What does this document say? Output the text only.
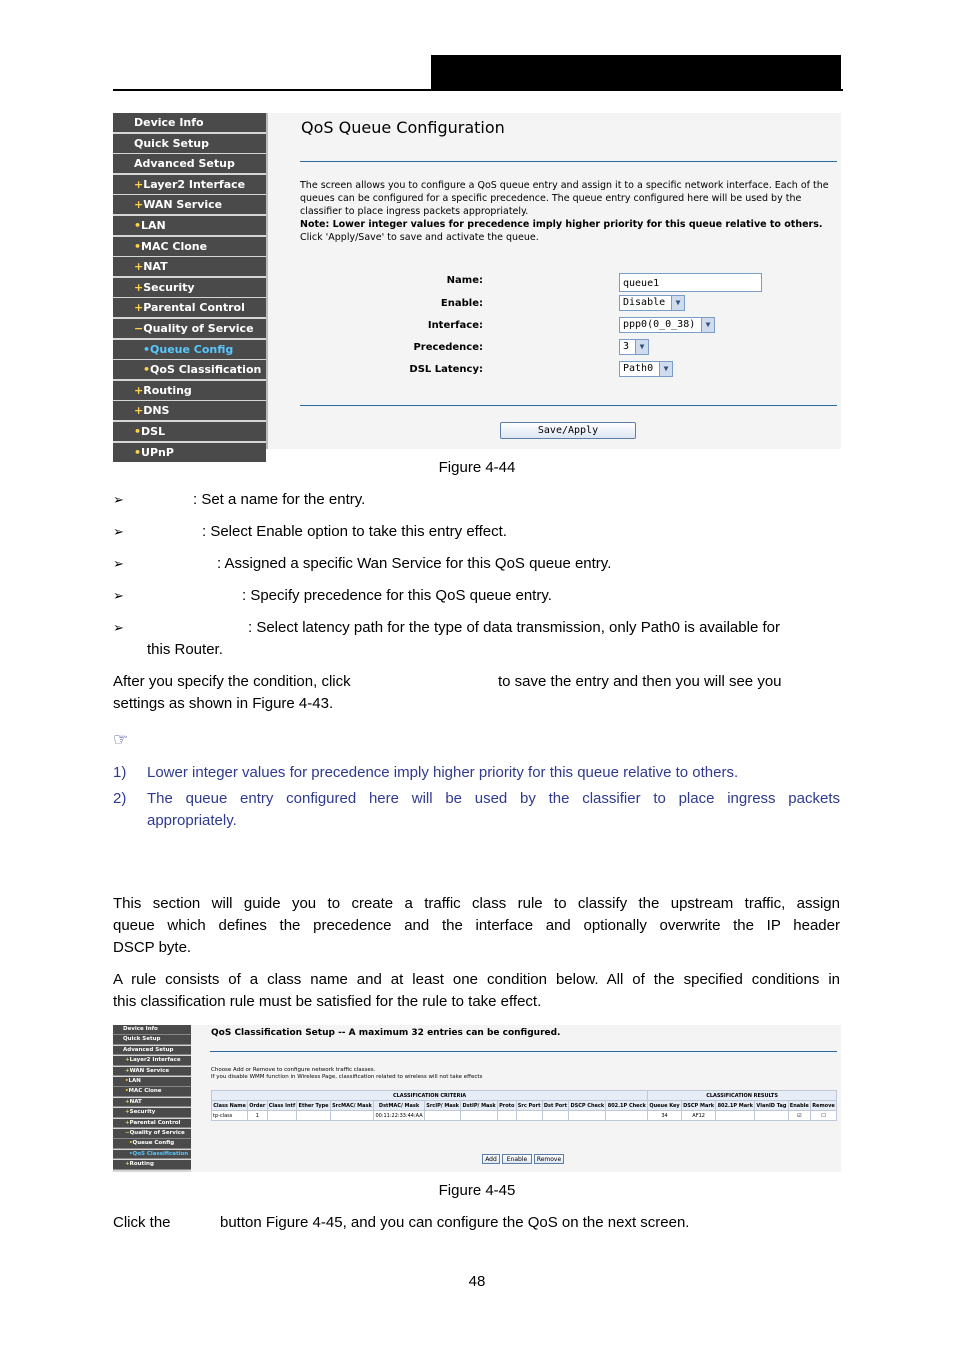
Device Info
Quick Setup
Advanced Setup
+Layer2 Interface
+WAN Service
•LAN
•MAC Clone
+NAT
+Security
+Parental Control
−Quality of Service
•Queue Config
•QoS Classification
+Routing
+DNS
•DSL
•UPnP
QoS Queue Configuration
The screen allows you to configure a QoS queue entry and assign it to a specific network interface. Each of the queues can be configured for a specific precedence. The queue entry configured here will be used by the classifier to place ingress packets appropriately.
Note: Lower integer values for precedence imply higher priority for this queue relative to others.
Click 'Apply/Save' to save and activate the queue.
Name:	queue1
Enable:	Disable	▼
Interface:	ppp0(0_0_38)	▼
Precedence:	3	▼
DSL Latency:	Path0	▼
Save/Apply
Figure 4-44
➢	: Set a name for the entry.
➢	: Select Enable option to take this entry effect.
➢	: Assigned a specific Wan Service for this QoS queue entry.
➢	: Specify precedence for this QoS queue entry.
➢	: Select latency path for the type of data transmission, only Path0 is available for
this Router.
After you specify the condition, click	to save the entry and then you will see you
settings as shown in Figure 4-43.
☞
1) Lower integer values for precedence imply higher priority for this queue relative to others.
2) The queue entry configured here will be used by the classifier to place ingress packets
appropriately.
This section will guide you to create a traffic class rule to classify the upstream traffic, assign
queue which defines the precedence and the interface and optionally overwrite the IP header
DSCP byte.
A rule consists of a class name and at least one condition below. All of the specified conditions in
this classification rule must be satisfied for the rule to take effect.
Device Info
Quick Setup
Advanced Setup
+Layer2 Interface
+WAN Service
•LAN
•MAC Clone
+NAT
+Security
+Parental Control
−Quality of Service
•Queue Config
•QoS Classification
+Routing
QoS Classification Setup -- A maximum 32 entries can be configured.
Choose Add or Remove to configure network traffic classes.
If you disable WMM function in Wireless Page, classification related to wireless will not take effects
CLASSIFICATION CRITERIA													CLASSIFICATION RESULTS					
Class Name	Order	Class Intf	Ether Type	SrcMAC/ Mask	DstMAC/ Mask	SrcIP/ Mask	DstIP/ Mask	Proto	Src Port	Dst Port	DSCP Check	802.1P Check	Queue Key	DSCP Mark	802.1P Mark	VlanID Tag	Enable	Remove
tp-class	1				00:11:22:33:44:AA								34	AF12			☑	☐
Add	Enable	Remove
Figure 4-45
Click the	button Figure 4-45, and you can configure the QoS on the next screen.
48
